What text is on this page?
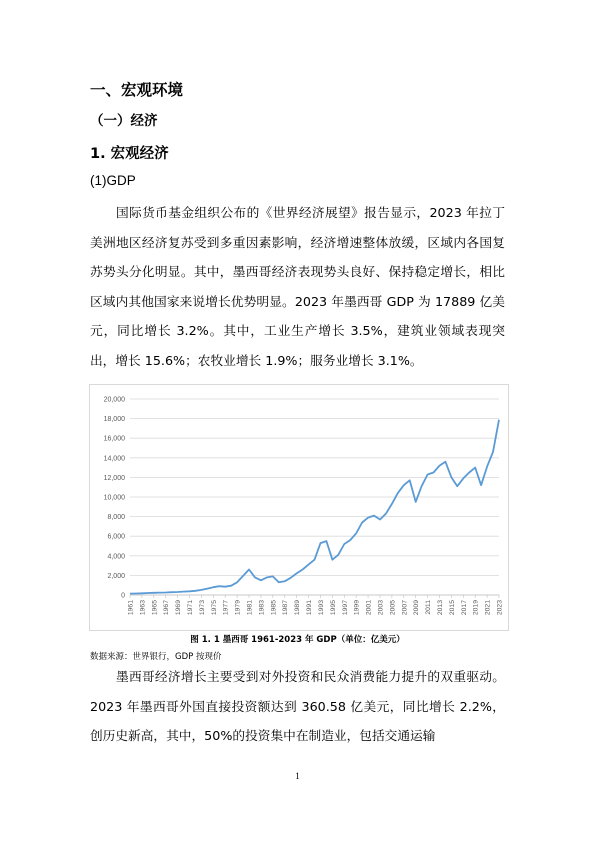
一、宏观环境
（一）经济
1. 宏观经济
(1)GDP

国际货币基金组织公布的《世界经济展望》报告显示，2023 年拉丁美洲地区经济复苏受到多重因素影响，经济增速整体放缓，区域内各国复苏势头分化明显。其中，墨西哥经济表现势头良好、保持稳定增长，相比区域内其他国家来说增长优势明显。2023 年墨西哥 GDP 为 17889 亿美元，同比增长 3.2%。其中，工业生产增长 3.5%，建筑业领域表现突出，增长 15.6%；农牧业增长 1.9%；服务业增长 3.1%。

0
2,000
4,000
6,000
8,000
10,000
12,000
14,000
16,000
18,000
20,000
1961 1963 1965 1967 1969 1971 1973 1975 1977 1979 1981 1983 1985 1987 1989 1991 1993 1995 1997 1999 2001 2003 2005 2007 2009 2011 2013 2015 2017 2019 2021 2023
图 1. 1 墨西哥 1961-2023 年 GDP（单位：亿美元）
数据来源：世界银行，GDP 按现价

墨西哥经济增长主要受到对外投资和民众消费能力提升的双重驱动。2023 年墨西哥外国直接投资额达到 360.58 亿美元，同比增长 2.2%，创历史新高，其中，50%的投资集中在制造业，包括交通运输

1
